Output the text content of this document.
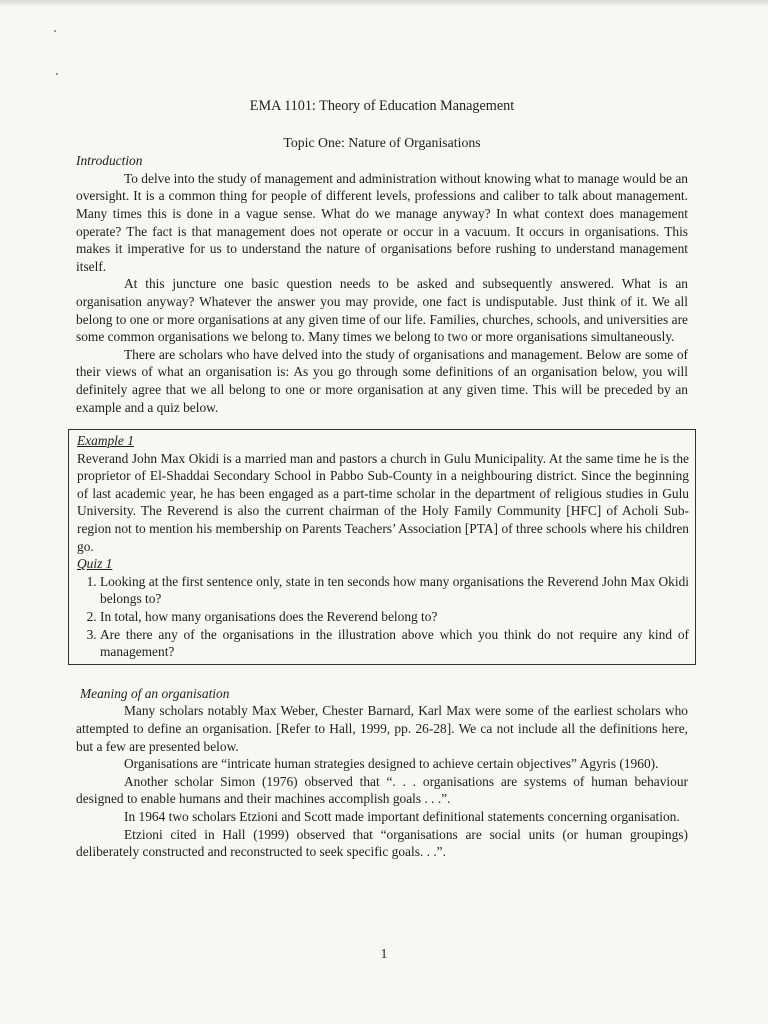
EMA 1101: Theory of Education Management

Topic One: Nature of Organisations

Introduction

To delve into the study of management and administration without knowing what to manage would be an oversight. It is a common thing for people of different levels, professions and caliber to talk about management. Many times this is done in a vague sense. What do we manage anyway? In what context does management operate? The fact is that management does not operate or occur in a vacuum. It occurs in organisations. This makes it imperative for us to understand the nature of organisations before rushing to understand management itself.

At this juncture one basic question needs to be asked and subsequently answered. What is an organisation anyway? Whatever the answer you may provide, one fact is undisputable. Just think of it. We all belong to one or more organisations at any given time of our life. Families, churches, schools, and universities are some common organisations we belong to. Many times we belong to two or more organisations simultaneously.

There are scholars who have delved into the study of organisations and management. Below are some of their views of what an organisation is: As you go through some definitions of an organisation below, you will definitely agree that we all belong to one or more organisation at any given time. This will be preceded by an example and a quiz below.

Example 1

Reverand John Max Okidi is a married man and pastors a church in Gulu Municipality. At the same time he is the proprietor of El-Shaddai Secondary School in Pabbo Sub-County in a neighbouring district. Since the beginning of last academic year, he has been engaged as a part-time scholar in the department of religious studies in Gulu University. The Reverend is also the current chairman of the Holy Family Community [HFC] of Acholi Sub-region not to mention his membership on Parents Teachers’ Association [PTA] of three schools where his children go.

Quiz 1

1. Looking at the first sentence only, state in ten seconds how many organisations the Reverend John Max Okidi belongs to?
2. In total, how many organisations does the Reverend belong to?
3. Are there any of the organisations in the illustration above which you think do not require any kind of management?

Meaning of an organisation

Many scholars notably Max Weber, Chester Barnard, Karl Max were some of the earliest scholars who attempted to define an organisation. [Refer to Hall, 1999, pp. 26-28]. We ca not include all the definitions here, but a few are presented below.

Organisations are “intricate human strategies designed to achieve certain objectives” Agyris (1960).

Another scholar Simon (1976) observed that “. . . organisations are systems of human behaviour designed to enable humans and their machines accomplish goals . . .”.

In 1964 two scholars Etzioni and Scott made important definitional statements concerning organisation.

Etzioni cited in Hall (1999) observed that “organisations are social units (or human groupings) deliberately constructed and reconstructed to seek specific goals. . .”.

1
